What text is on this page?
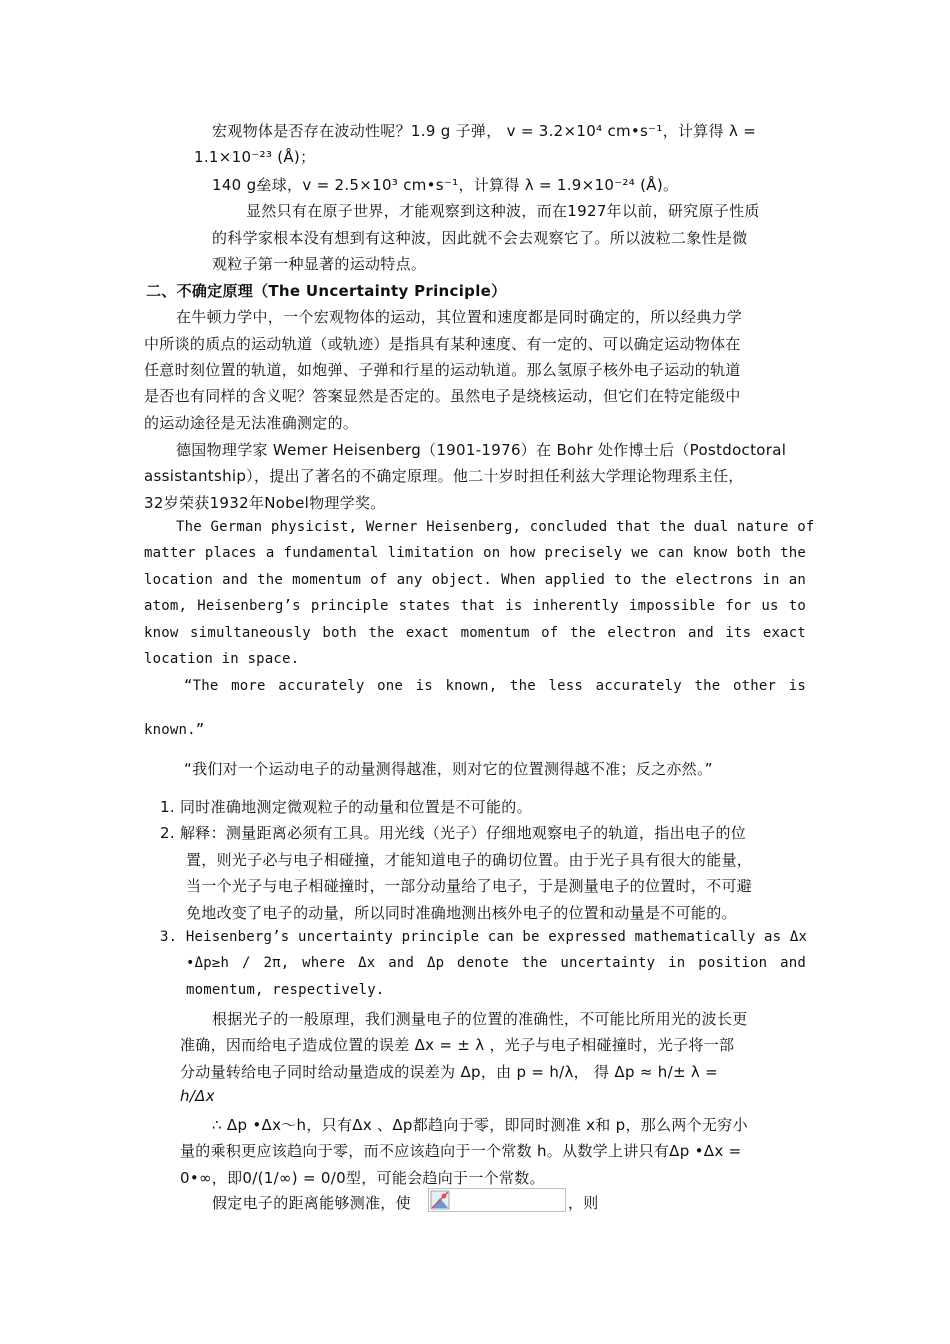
宏观物体是否存在波动性呢？1.9 g 子弹， v = 3.2×10⁴ cm•s⁻¹，计算得 λ =
1.1×10⁻²³ (Å)；
140 g垒球，v = 2.5×10³ cm•s⁻¹，计算得 λ = 1.9×10⁻²⁴ (Å)。
显然只有在原子世界，才能观察到这种波，而在1927年以前，研究原子性质
的科学家根本没有想到有这种波，因此就不会去观察它了。所以波粒二象性是微
观粒子第一种显著的运动特点。
二、不确定原理（The Uncertainty Principle）
在牛顿力学中，一个宏观物体的运动，其位置和速度都是同时确定的，所以经典力学
中所谈的质点的运动轨道（或轨迹）是指具有某种速度、有一定的、可以确定运动物体在
任意时刻位置的轨道，如炮弹、子弹和行星的运动轨道。那么氢原子核外电子运动的轨道
是否也有同样的含义呢？答案显然是否定的。虽然电子是绕核运动，但它们在特定能级中
的运动途径是无法准确测定的。
德国物理学家 Wemer Heisenberg（1901-1976）在 Bohr 处作博士后（Postdoctoral
assistantship），提出了著名的不确定原理。他二十岁时担任利兹大学理论物理系主任，
32岁荣获1932年Nobel物理学奖。
The German physicist, Werner Heisenberg, concluded that the dual nature of
matter places a fundamental limitation on how precisely we can know both the
location and the momentum of any object. When applied to the electrons in an
atom, Heisenberg’s principle states that is inherently impossible for us to
know simultaneously both the exact momentum of the electron and its exact
location in space.
“The more accurately one is known, the less accurately the other is
known.”
“我们对一个运动电子的动量测得越准，则对它的位置测得越不准；反之亦然。”
1. 同时准确地测定微观粒子的动量和位置是不可能的。
2. 解释：测量距离必须有工具。用光线（光子）仔细地观察电子的轨道，指出电子的位
置，则光子必与电子相碰撞，才能知道电子的确切位置。由于光子具有很大的能量，
当一个光子与电子相碰撞时，一部分动量给了电子，于是测量电子的位置时，不可避
免地改变了电子的动量，所以同时准确地测出核外电子的位置和动量是不可能的。
3. Heisenberg’s uncertainty principle can be expressed mathematically as Δx
•Δp≥h / 2π, where Δx and Δp denote the uncertainty in position and
momentum, respectively.
根据光子的一般原理，我们测量电子的位置的准确性，不可能比所用光的波长更
准确，因而给电子造成位置的误差 Δx = ± λ ，光子与电子相碰撞时，光子将一部
分动量转给电子同时给动量造成的误差为 Δp，由 p = h/λ， 得 Δp ≈ h/± λ =
h/Δx
∴ Δp •Δx～h，只有Δx 、Δp都趋向于零，即同时测准 x和 p，那么两个无穷小
量的乘积更应该趋向于零，而不应该趋向于一个常数 h。从数学上讲只有Δp •Δx =
0•∞，即0/(1/∞) = 0/0型，可能会趋向于一个常数。
假定电子的距离能够测准，使	，则
